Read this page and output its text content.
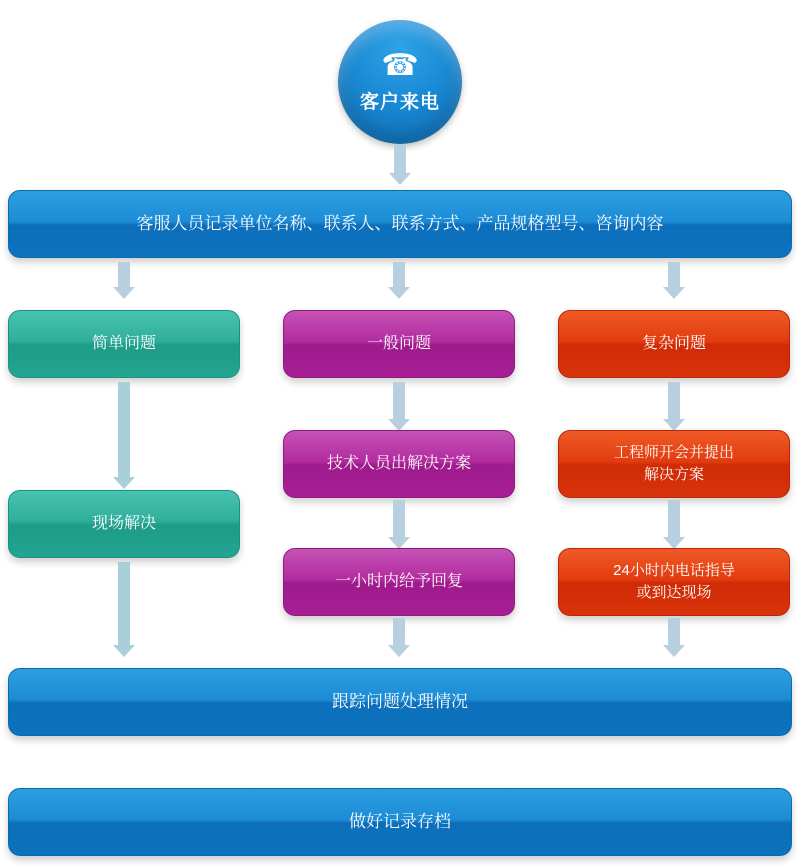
☎
客户来电
客服人员记录单位名称、联系人、联系方式、产品规格型号、咨询内容
简单问题	一般问题	复杂问题
技术人员出解决方案
工程师开会并提出
解决方案
现场解决
一小时内给予回复
24小时内电话指导
或到达现场
跟踪问题处理情况
做好记录存档
